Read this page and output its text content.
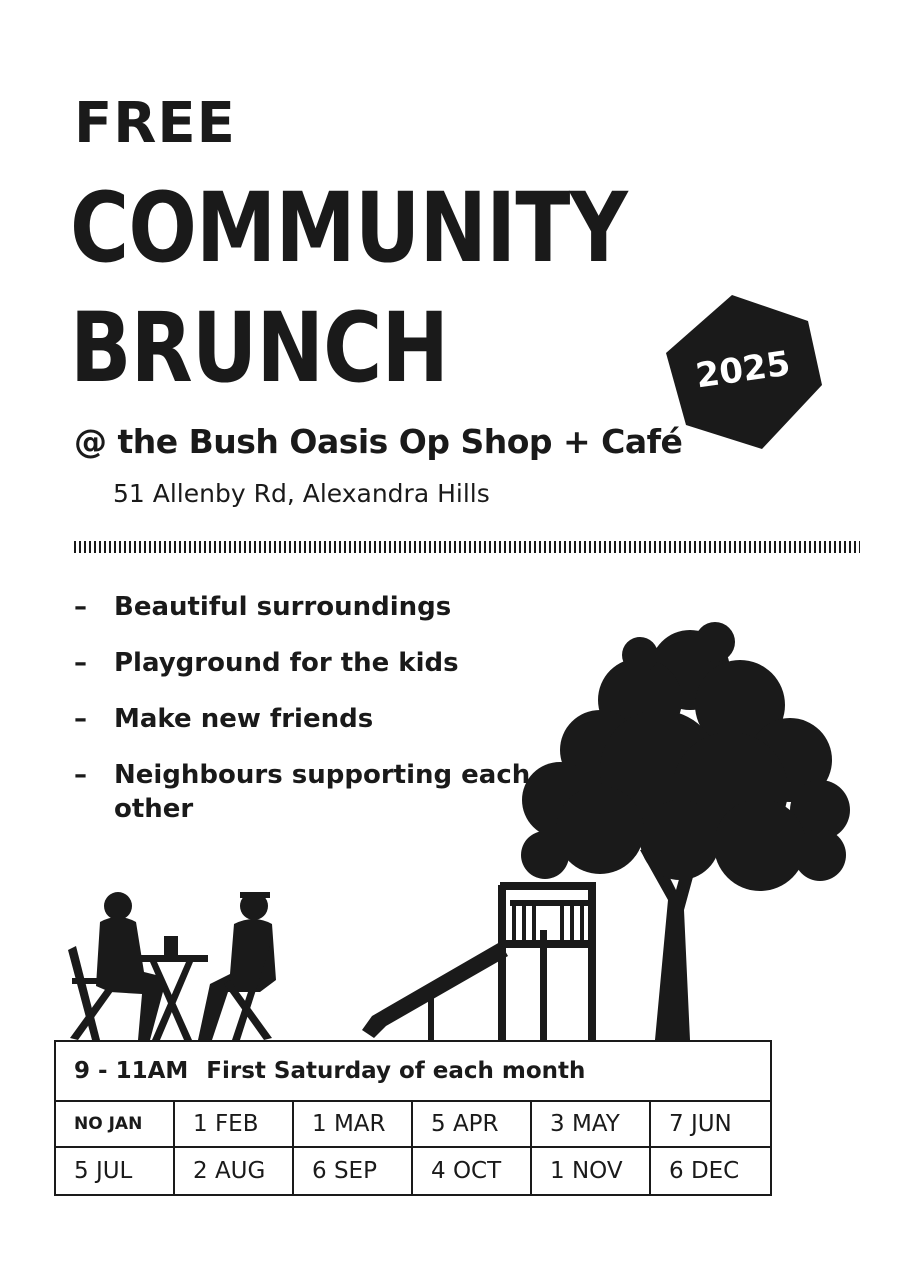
FREE
COMMUNITY
BRUNCH	2025
@ the Bush Oasis Op Shop + Café
51 Allenby Rd, Alexandra Hills
– Beautiful surroundings
– Playground for the kids
– Make new friends
– Neighbours supporting each other
9 - 11AM First Saturday of each month
NO JAN	1 FEB	1 MAR	5 APR	3 MAY	7 JUN
5 JUL	2 AUG	6 SEP	4 OCT	1 NOV	6 DEC
